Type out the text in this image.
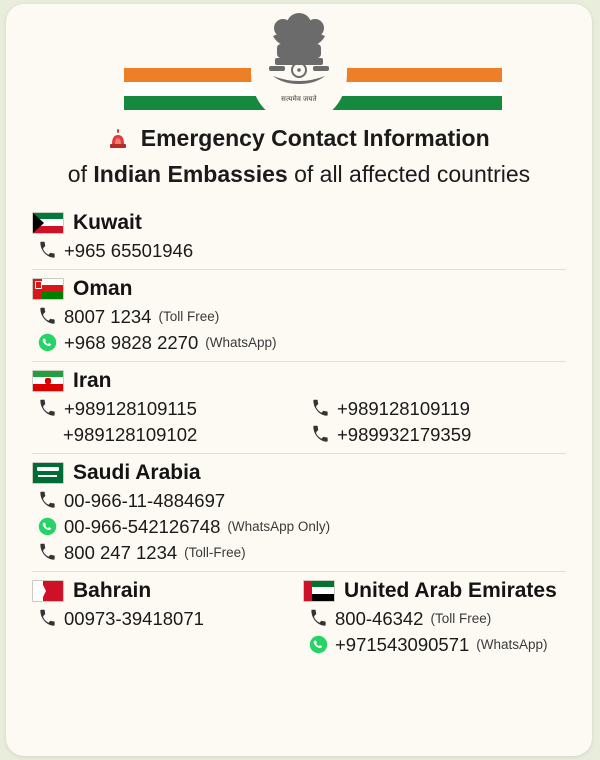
सत्यमेव जयते
Emergency Contact Information
of Indian Embassies of all affected countries
Kuwait
+965 65501946
Oman
8007 1234 (Toll Free)
+968 9828 2270 (WhatsApp)
Iran
+989128109115
+989128109102
+989128109119
+989932179359
Saudi Arabia
00-966-11-4884697
00-966-542126748 (WhatsApp Only)
800 247 1234 (Toll-Free)
Bahrain
00973-39418071
United Arab Emirates
800-46342 (Toll Free)
+971543090571 (WhatsApp)
